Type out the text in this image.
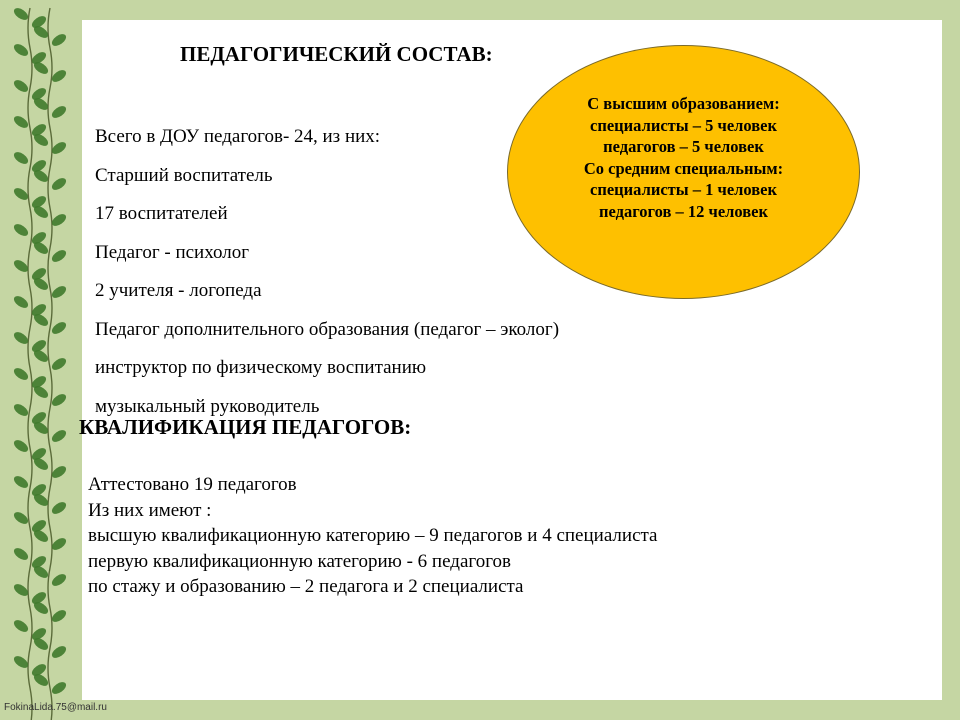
ПЕДАГОГИЧЕСКИЙ СОСТАВ:
Всего в ДОУ педагогов- 24, из них:
Старший воспитатель
17 воспитателей
Педагог - психолог
2 учителя - логопеда
Педагог дополнительного образования (педагог – эколог)
инструктор по физическому воспитанию
музыкальный руководитель
С высшим образованием:
специалисты – 5 человек
педагогов – 5 человек
Со средним специальным:
специалисты – 1 человек
педагогов – 12 человек
КВАЛИФИКАЦИЯ ПЕДАГОГОВ:
Аттестовано 19 педагогов
Из них имеют :
высшую квалификационную категорию – 9 педагогов и 4 специалиста
первую квалификационную категорию - 6 педагогов
по стажу и образованию – 2 педагога и 2 специалиста
FokinaLida.75@mail.ru
